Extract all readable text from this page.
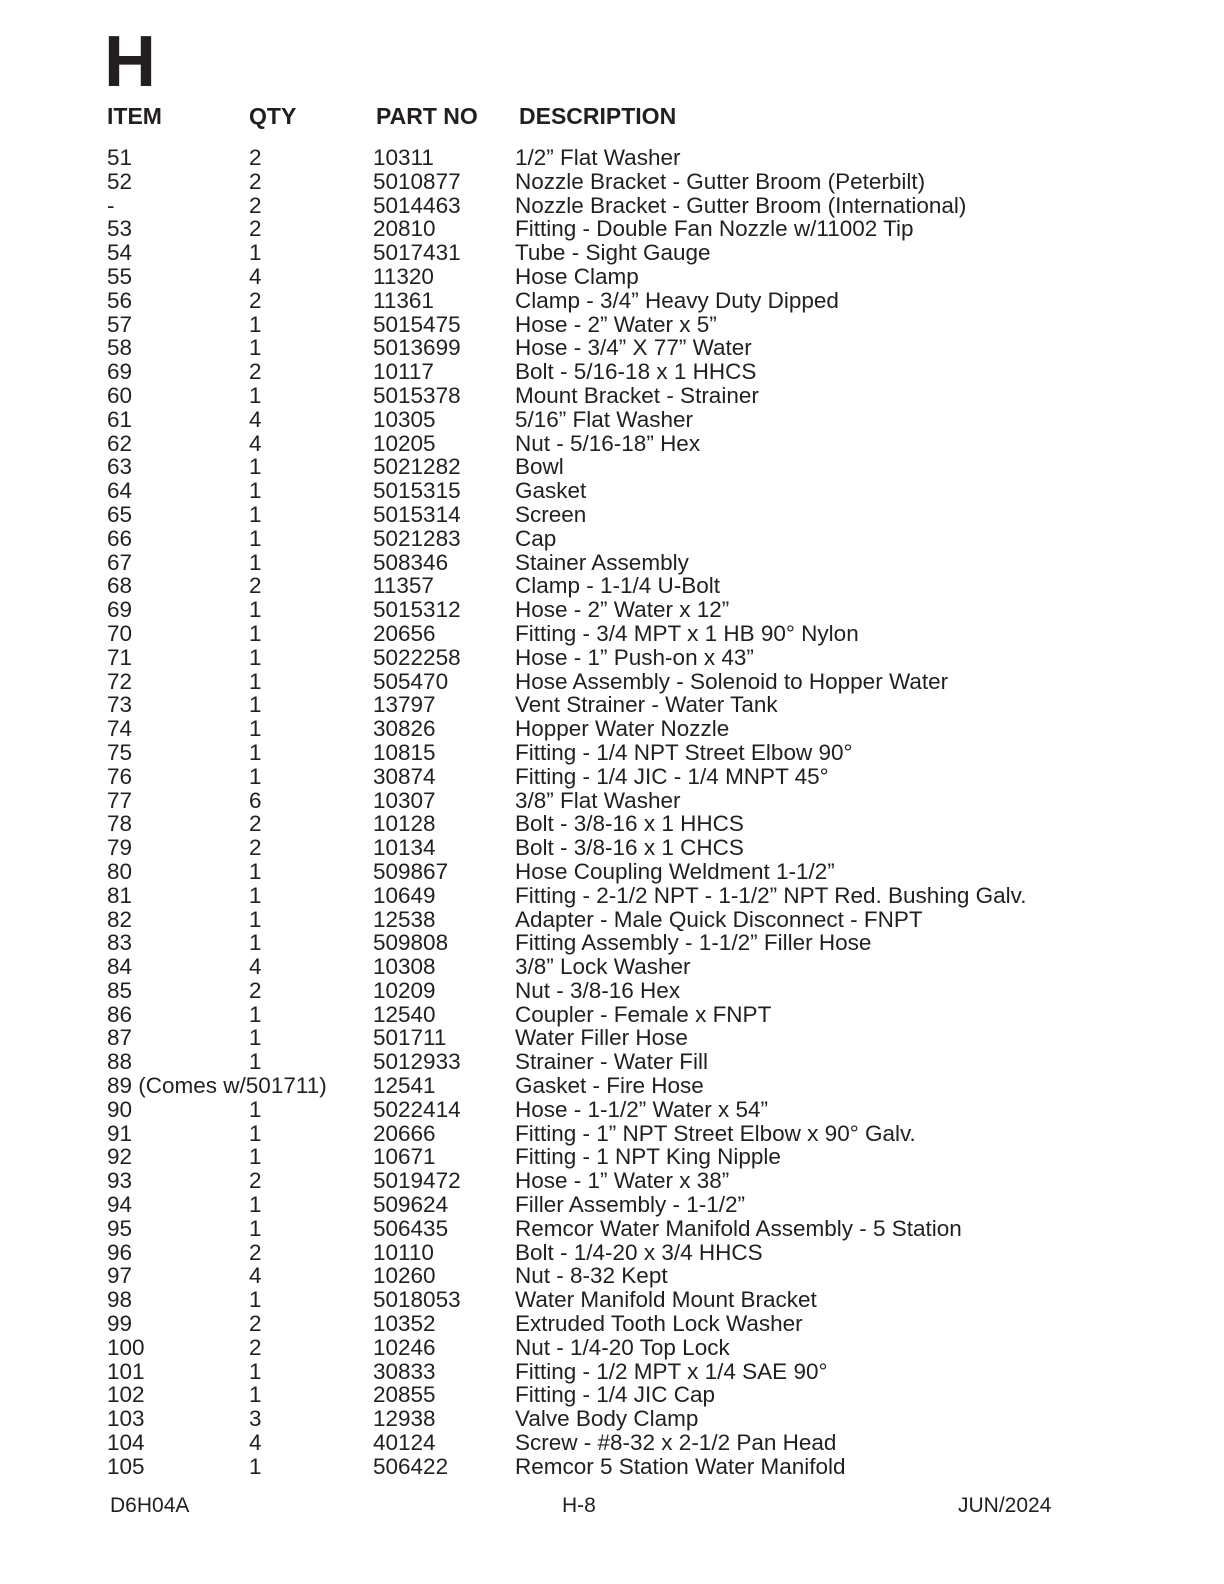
H
ITEM	QTY	PART NO DESCRIPTION
51	2	10311	1/2” Flat Washer
52	2	5010877 Nozzle Bracket - Gutter Broom (Peterbilt)
-	2	5014463 Nozzle Bracket - Gutter Broom (International)
53	2	20810	Fitting - Double Fan Nozzle w/11002 Tip
54	1	5017431 Tube - Sight Gauge
55	4	11320	Hose Clamp
56	2	11361	Clamp - 3/4” Heavy Duty Dipped
57	1	5015475 Hose - 2” Water x 5”
58	1	5013699 Hose - 3/4” X 77” Water
69	2	10117	Bolt - 5/16-18 x 1 HHCS
60	1	5015378 Mount Bracket - Strainer
61	4	10305	5/16” Flat Washer
62	4	10205	Nut - 5/16-18” Hex
63	1	5021282 Bowl
64	1	5015315 Gasket
65	1	5015314 Screen
66	1	5021283 Cap
67	1	508346	Stainer Assembly
68	2	11357	Clamp - 1-1/4 U-Bolt
69	1	5015312 Hose - 2” Water x 12”
70	1	20656	Fitting - 3/4 MPT x 1 HB 90° Nylon
71	1	5022258 Hose - 1” Push-on x 43”
72	1	505470	Hose Assembly - Solenoid to Hopper Water
73	1	13797	Vent Strainer - Water Tank
74	1	30826	Hopper Water Nozzle
75	1	10815	Fitting - 1/4 NPT Street Elbow 90°
76	1	30874	Fitting - 1/4 JIC - 1/4 MNPT 45°
77	6	10307	3/8” Flat Washer
78	2	10128	Bolt - 3/8-16 x 1 HHCS
79	2	10134	Bolt - 3/8-16 x 1 CHCS
80	1	509867	Hose Coupling Weldment 1-1/2”
81	1	10649	Fitting - 2-1/2 NPT - 1-1/2” NPT Red. Bushing Galv.
82	1	12538	Adapter - Male Quick Disconnect - FNPT
83	1	509808	Fitting Assembly - 1-1/2” Filler Hose
84	4	10308	3/8” Lock Washer
85	2	10209	Nut - 3/8-16 Hex
86	1	12540	Coupler - Female x FNPT
87	1	501711	Water Filler Hose
88	1	5012933 Strainer - Water Fill
89 (Comes w/501711) 12541	Gasket - Fire Hose
90	1	5022414 Hose - 1-1/2” Water x 54”
91	1	20666	Fitting - 1” NPT Street Elbow x 90° Galv.
92	1	10671	Fitting - 1 NPT King Nipple
93	2	5019472 Hose - 1” Water x 38”
94	1	509624	Filler Assembly - 1-1/2”
95	1	506435	Remcor Water Manifold Assembly - 5 Station
96	2	10110	Bolt - 1/4-20 x 3/4 HHCS
97	4	10260	Nut - 8-32 Kept
98	1	5018053 Water Manifold Mount Bracket
99	2	10352	Extruded Tooth Lock Washer
100	2	10246	Nut - 1/4-20 Top Lock
101	1	30833	Fitting - 1/2 MPT x 1/4 SAE 90°
102	1	20855	Fitting - 1/4 JIC Cap
103	3	12938	Valve Body Clamp
104	4	40124	Screw - #8-32 x 2-1/2 Pan Head
105	1	506422	Remcor 5 Station Water Manifold
D6H04A	H-8	JUN/2024
